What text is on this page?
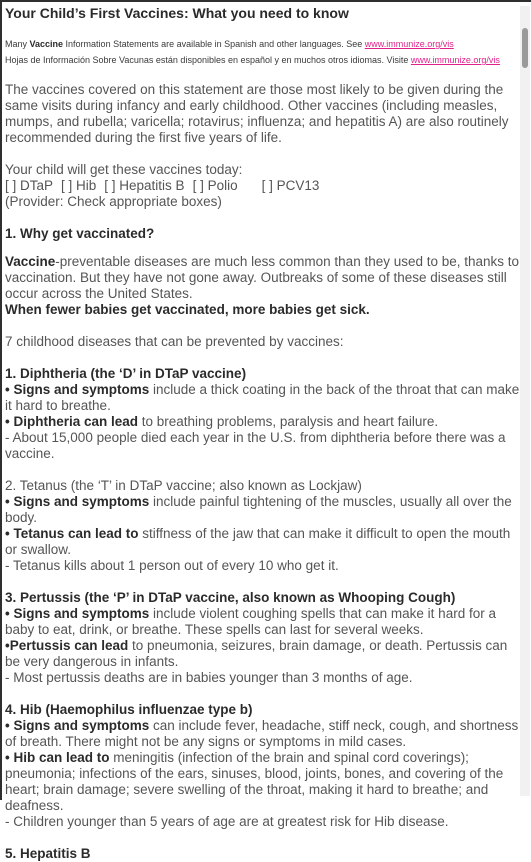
Your Child’s First Vaccines: What you need to know
Many Vaccine Information Statements are available in Spanish and other languages. See www.immunize.org/vis
Hojas de Información Sobre Vacunas están disponibles en español y en muchos otros idiomas. Visite www.immunize.org/vis
The vaccines covered on this statement are those most likely to be given during the same visits during infancy and early childhood. Other vaccines (including measles, mumps, and rubella; varicella; rotavirus; influenza; and hepatitis A) are also routinely recommended during the first five years of life.
Your child will get these vaccines today:
[ ] DTaP [ ] Hib [ ] Hepatitis B [ ] Polio [ ] PCV13
(Provider: Check appropriate boxes)
1. Why get vaccinated?
Vaccine-preventable diseases are much less common than they used to be, thanks to vaccination. But they have not gone away. Outbreaks of some of these diseases still occur across the United States. When fewer babies get vaccinated, more babies get sick.
7 childhood diseases that can be prevented by vaccines:
1. Diphtheria (the ‘D’ in DTaP vaccine)
• Signs and symptoms include a thick coating in the back of the throat that can make it hard to breathe.
• Diphtheria can lead to breathing problems, paralysis and heart failure.
- About 15,000 people died each year in the U.S. from diphtheria before there was a vaccine.
2. Tetanus (the ‘T’ in DTaP vaccine; also known as Lockjaw)
• Signs and symptoms include painful tightening of the muscles, usually all over the body.
• Tetanus can lead to stiffness of the jaw that can make it difficult to open the mouth or swallow.
- Tetanus kills about 1 person out of every 10 who get it.
3. Pertussis (the ‘P’ in DTaP vaccine, also known as Whooping Cough)
• Signs and symptoms include violent coughing spells that can make it hard for a baby to eat, drink, or breathe. These spells can last for several weeks.
•Pertussis can lead to pneumonia, seizures, brain damage, or death. Pertussis can be very dangerous in infants.
- Most pertussis deaths are in babies younger than 3 months of age.
4. Hib (Haemophilus influenzae type b)
• Signs and symptoms can include fever, headache, stiff neck, cough, and shortness of breath. There might not be any signs or symptoms in mild cases.
• Hib can lead to meningitis (infection of the brain and spinal cord coverings); pneumonia; infections of the ears, sinuses, blood, joints, bones, and covering of the heart; brain damage; severe swelling of the throat, making it hard to breathe; and deafness.
- Children younger than 5 years of age are at greatest risk for Hib disease.
5. Hepatitis B
